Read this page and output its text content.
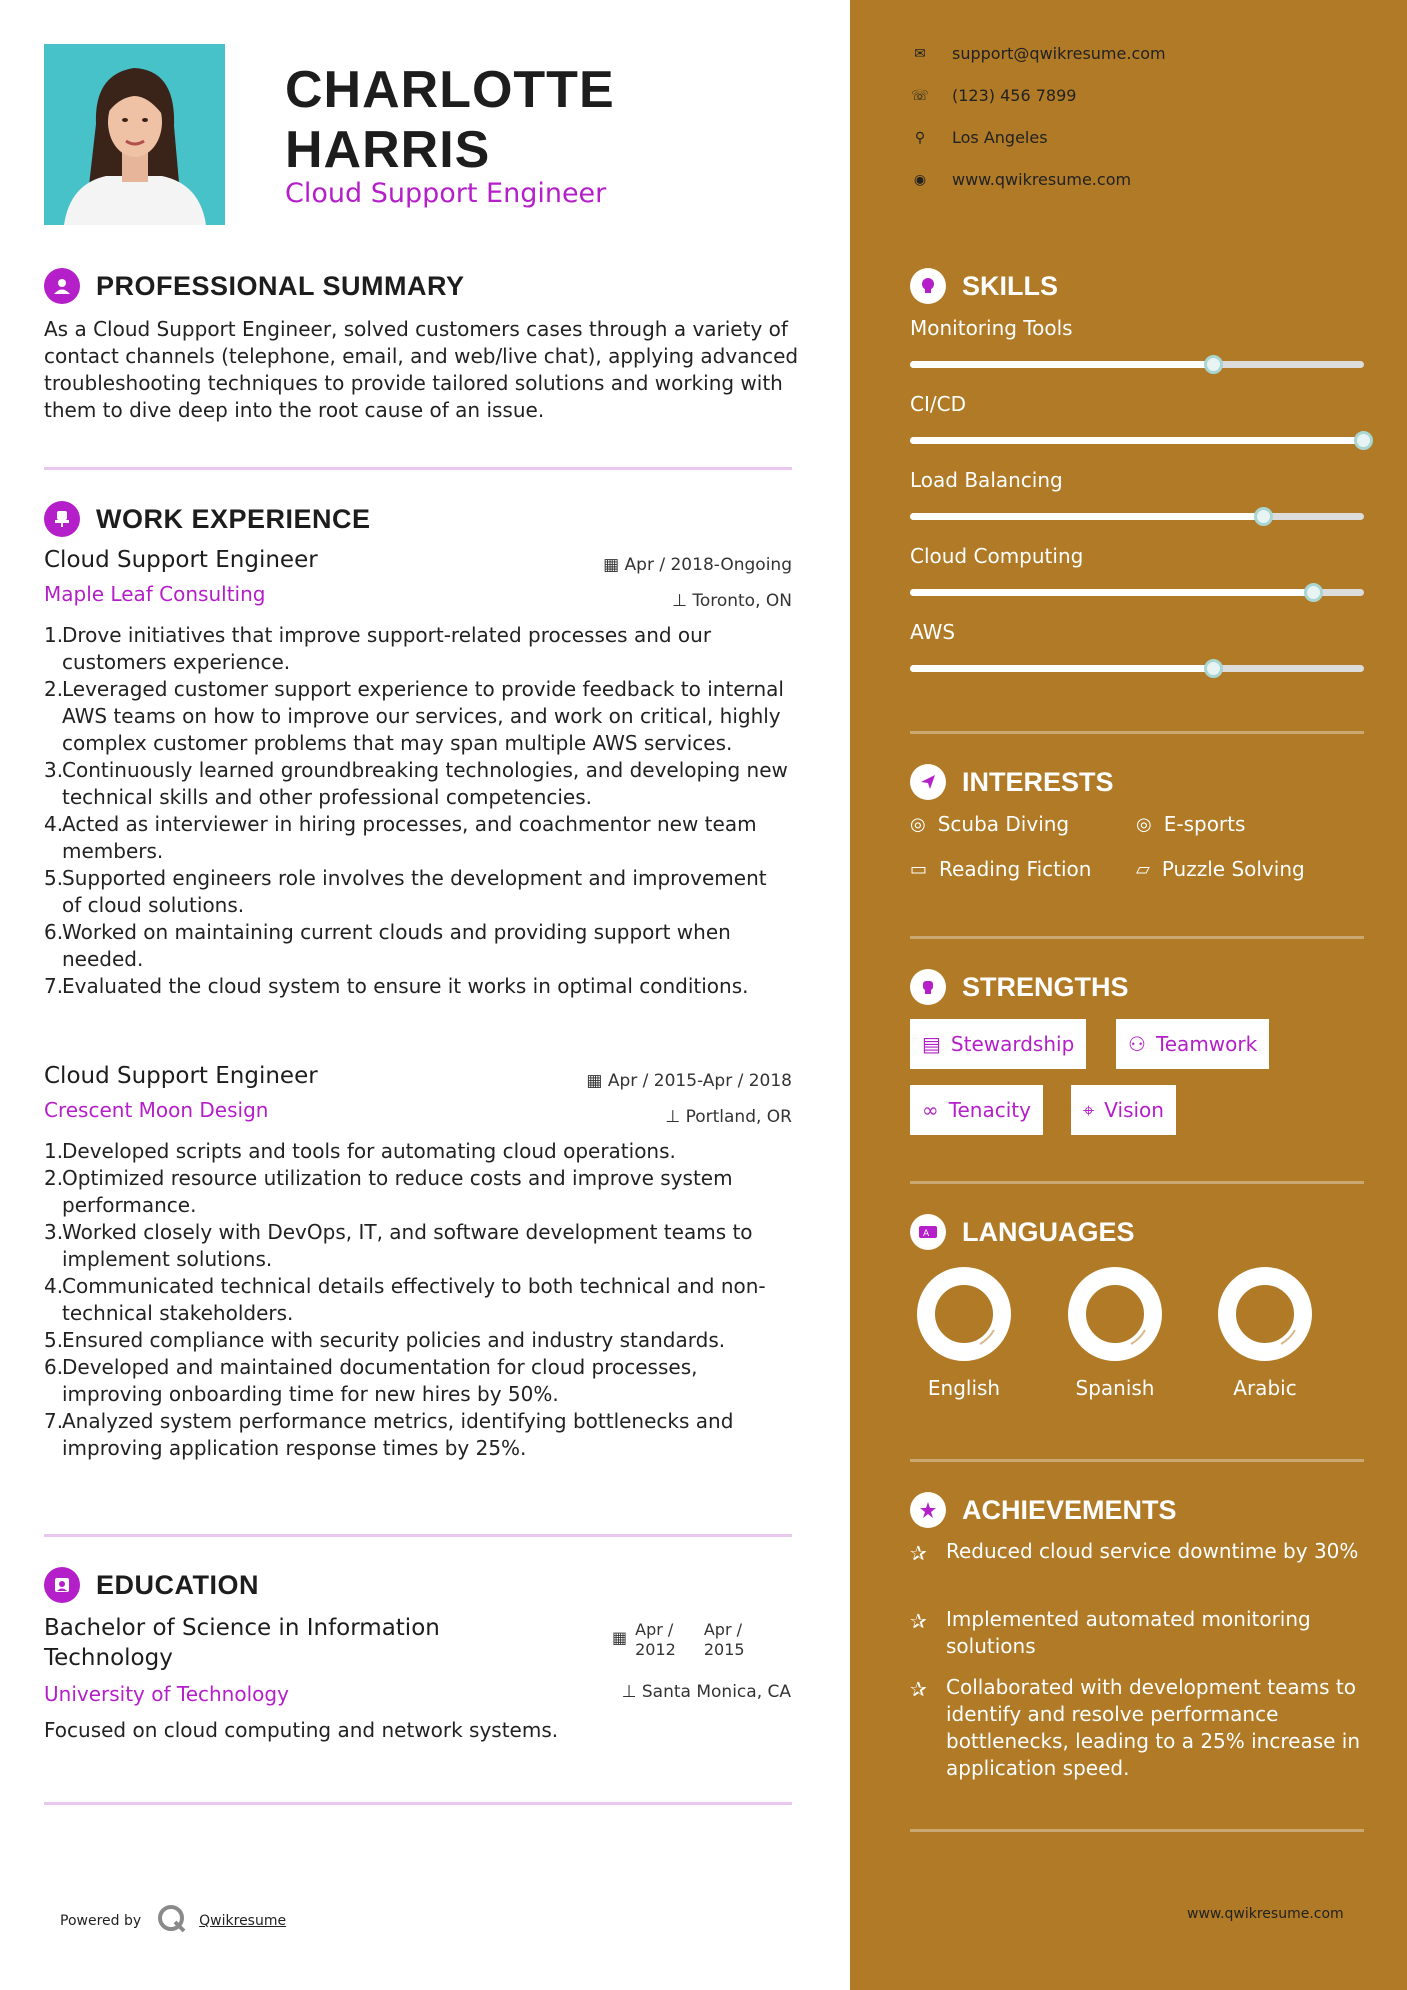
CHARLOTTE
HARRIS
Cloud Support Engineer
PROFESSIONAL SUMMARY
As a Cloud Support Engineer, solved customers cases through a variety of contact channels (telephone, email, and web/live chat), applying advanced troubleshooting techniques to provide tailored solutions and working with them to dive deep into the root cause of an issue.
WORK EXPERIENCE
Cloud Support Engineer
Maple Leaf Consulting
▦ Apr / 2018-Ongoing
⊥ Toronto, ON
1.
Drove initiatives that improve support-related processes and our customers experience.
2.
Leveraged customer support experience to provide feedback to internal AWS teams on how to improve our services, and work on critical, highly complex customer problems that may span multiple AWS services.
3.
Continuously learned groundbreaking technologies, and developing new technical skills and other professional competencies.
4.
Acted as interviewer in hiring processes, and coachmentor new team members.
5.
Supported engineers role involves the development and improvement of cloud solutions.
6.
Worked on maintaining current clouds and providing support when needed.
7.
Evaluated the cloud system to ensure it works in optimal conditions.
Cloud Support Engineer
Crescent Moon Design
▦ Apr / 2015-Apr / 2018
⊥ Portland, OR
1.
Developed scripts and tools for automating cloud operations.
2.
Optimized resource utilization to reduce costs and improve system performance.
3.
Worked closely with DevOps, IT, and software development teams to implement solutions.
4.
Communicated technical details effectively to both technical and non-technical stakeholders.
5.
Ensured compliance with security policies and industry standards.
6.
Developed and maintained documentation for cloud processes, improving onboarding time for new hires by 50%.
7.
Analyzed system performance metrics, identifying bottlenecks and improving application response times by 25%.
EDUCATION
Bachelor of Science in Information
Technology
▦ Apr /
2012
Apr /
2015
University of Technology	⊥ Santa Monica, CA
Focused on cloud computing and network systems.
Powered by	Qwikresume	www.qwikresume.com
✉ support@qwikresume.com
☏ (123) 456 7899
⚲	Los Angeles
◉ www.qwikresume.com
SKILLS
Monitoring Tools
CI/CD
Load Balancing
Cloud Computing
AWS
INTERESTS
◎ Scuba Diving	◎ E-sports
▭ Reading Fiction ▱ Puzzle Solving
STRENGTHS
▤ Stewardship	⚇ Teamwork
∞ Tenacity	⌖ Vision
A LANGUAGES
English	Spanish	Arabic
ACHIEVEMENTS
✰ Reduced cloud service downtime by 30%
✰ Implemented automated monitoring solutions
✰ Collaborated with development teams to identify and resolve performance bottlenecks, leading to a 25% increase in application speed.
